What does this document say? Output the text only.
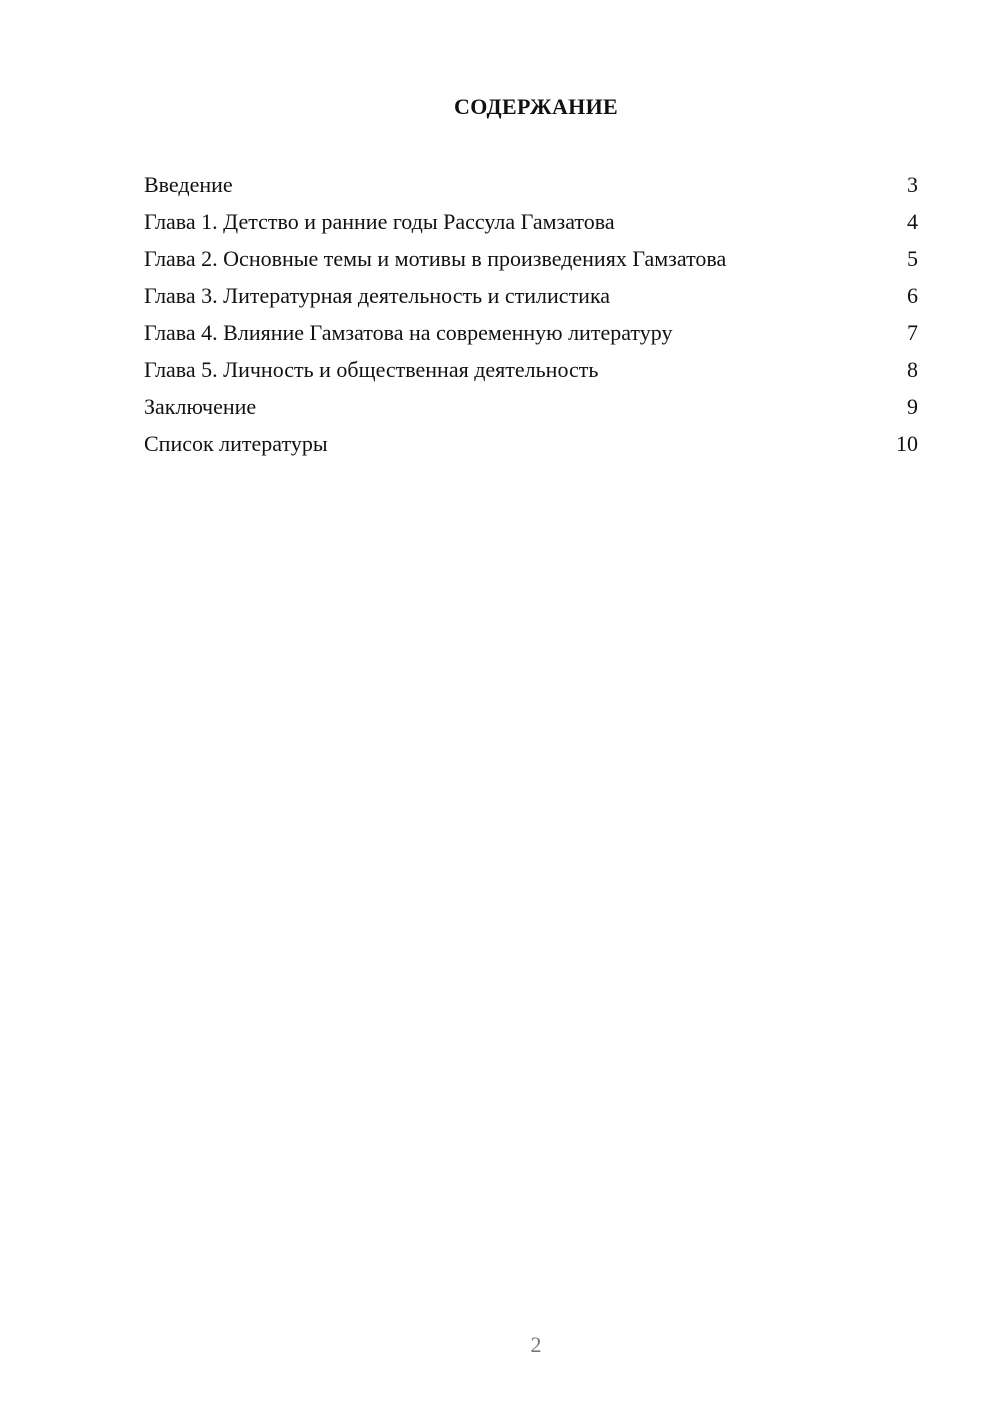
СОДЕРЖАНИЕ
Введение	3
Глава 1. Детство и ранние годы Рассула Гамзатова	4
Глава 2. Основные темы и мотивы в произведениях Гамзатова	5
Глава 3. Литературная деятельность и стилистика	6
Глава 4. Влияние Гамзатова на современную литературу	7
Глава 5. Личность и общественная деятельность	8
Заключение	9
Список литературы	10
2
